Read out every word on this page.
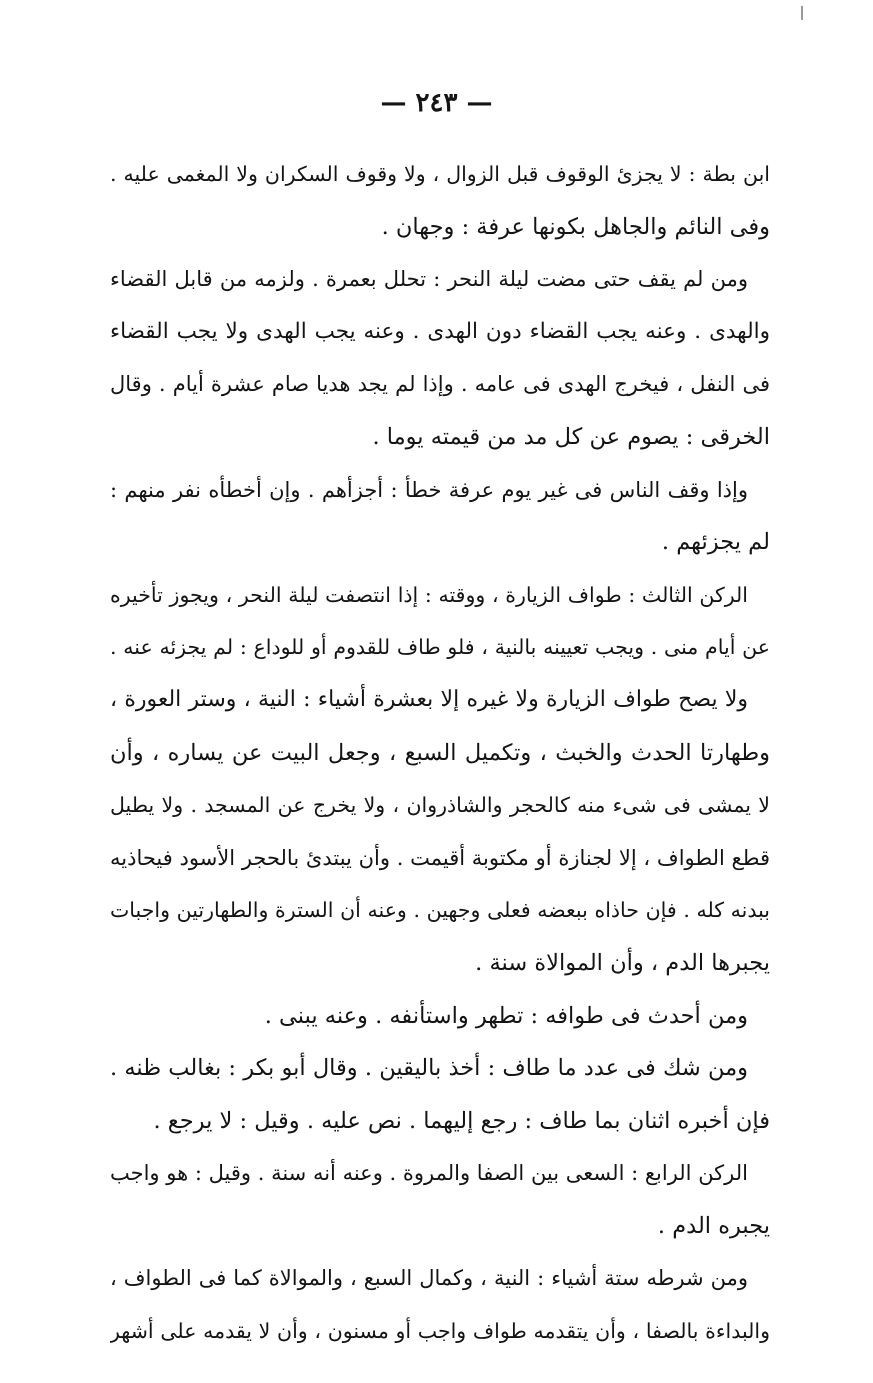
— ٢٤٣ —
ابن بطة : لا يجزئ الوقوف قبل الزوال ، ولا وقوف السكران ولا المغمى عليه .
وفى النائم والجاهل بكونها عرفة : وجهان .
ومن لم يقف حتى مضت ليلة النحر : تحلل بعمرة . ولزمه من قابل القضاء
والهدى . وعنه يجب القضاء دون الهدى . وعنه يجب الهدى ولا يجب القضاء
فى النفل ، فيخرج الهدى فى عامه . وإذا لم يجد هديا صام عشرة أيام . وقال
الخرقى : يصوم عن كل مد من قيمته يوما .
وإذا وقف الناس فى غير يوم عرفة خطأ : أجزأهم . وإن أخطأه نفر منهم :
لم يجزئهم .
الركن الثالث : طواف الزيارة ، ووقته : إذا انتصفت ليلة النحر ، ويجوز تأخيره
عن أيام منى . ويجب تعيينه بالنية ، فلو طاف للقدوم أو للوداع : لم يجزئه عنه .
ولا يصح طواف الزيارة ولا غيره إلا بعشرة أشياء : النية ، وستر العورة ،
وطهارتا الحدث والخبث ، وتكميل السبع ، وجعل البيت عن يساره ، وأن
لا يمشى فى شىء منه كالحجر والشاذروان ، ولا يخرج عن المسجد . ولا يطيل
قطع الطواف ، إلا لجنازة أو مكتوبة أقيمت . وأن يبتدئ بالحجر الأسود فيحاذيه
ببدنه كله . فإن حاذاه ببعضه فعلى وجهين . وعنه أن السترة والطهارتين واجبات
يجبرها الدم ، وأن الموالاة سنة .
ومن أحدث فى طوافه : تطهر واستأنفه . وعنه يبنى .
ومن شك فى عدد ما طاف : أخذ باليقين . وقال أبو بكر : بغالب ظنه .
فإن أخبره اثنان بما طاف : رجع إليهما . نص عليه . وقيل : لا يرجع .
الركن الرابع : السعى بين الصفا والمروة . وعنه أنه سنة . وقيل : هو واجب
يجبره الدم .
ومن شرطه ستة أشياء : النية ، وكمال السبع ، والموالاة كما فى الطواف ،
والبداءة بالصفا ، وأن يتقدمه طواف واجب أو مسنون ، وأن لا يقدمه على أشهر
